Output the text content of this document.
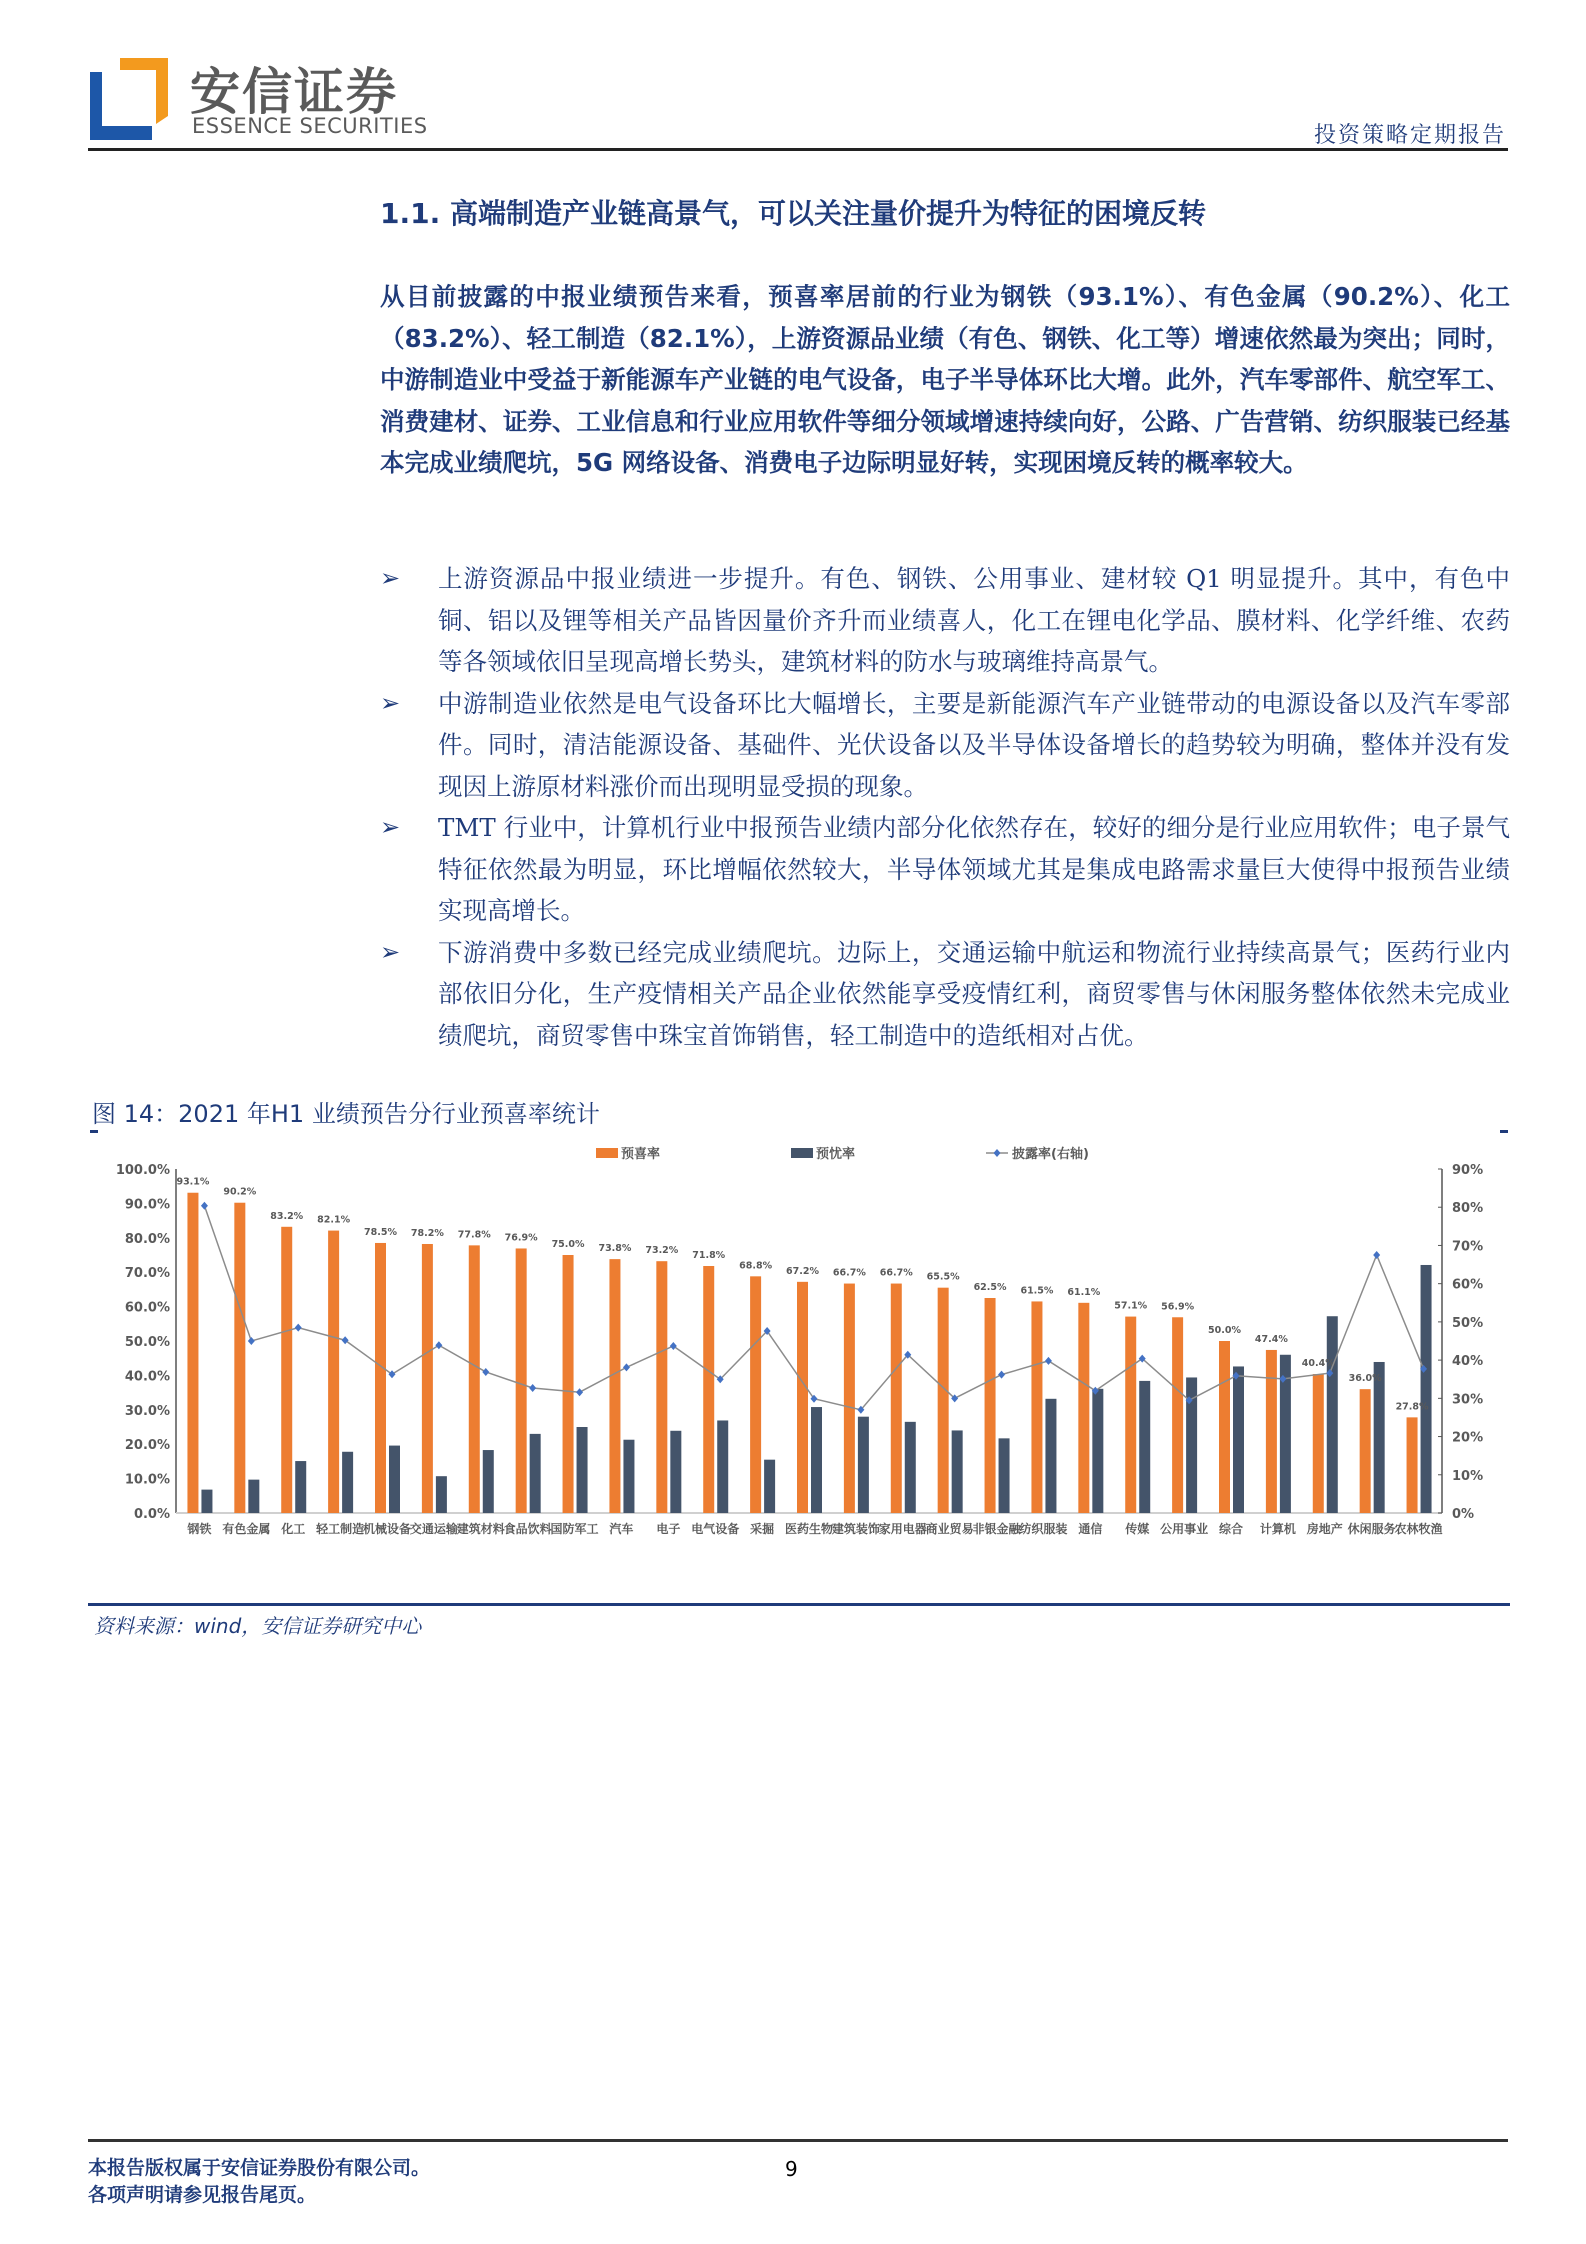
安信证券
ESSENCE SECURITIES	投资策略定期报告
1.1. 高端制造产业链高景气，可以关注量价提升为特征的困境反转
从目前披露的中报业绩预告来看，预喜率居前的行业为钢铁（93.1%）、有色金属（90.2%）、化工（83.2%）、轻工制造（82.1%），上游资源品业绩（有色、钢铁、化工等）增速依然最为突出；同时，中游制造业中受益于新能源车产业链的电气设备，电子半导体环比大增。此外，汽车零部件、航空军工、消费建材、证券、工业信息和行业应用软件等细分领域增速持续向好，公路、广告营销、纺织服装已经基本完成业绩爬坑，5G 网络设备、消费电子边际明显好转，实现困境反转的概率较大。
➢ 上游资源品中报业绩进一步提升。有色、钢铁、公用事业、建材较 Q1 明显提升。其中，有色中铜、铝以及锂等相关产品皆因量价齐升而业绩喜人，化工在锂电化学品、膜材料、化学纤维、农药等各领域依旧呈现高增长势头，建筑材料的防水与玻璃维持高景气。
➢ 中游制造业依然是电气设备环比大幅增长，主要是新能源汽车产业链带动的电源设备以及汽车零部件。同时，清洁能源设备、基础件、光伏设备以及半导体设备增长的趋势较为明确，整体并没有发现因上游原材料涨价而出现明显受损的现象。
➢ TMT 行业中，计算机行业中报预告业绩内部分化依然存在，较好的细分是行业应用软件；电子景气特征依然最为明显，环比增幅依然较大，半导体领域尤其是集成电路需求量巨大使得中报预告业绩实现高增长。
➢ 下游消费中多数已经完成业绩爬坑。边际上，交通运输中航运和物流行业持续高景气；医药行业内部依旧分化，生产疫情相关产品企业依然能享受疫情红利，商贸零售与休闲服务整体依然未完成业绩爬坑，商贸零售中珠宝首饰销售，轻工制造中的造纸相对占优。
图 14：2021 年H1 业绩预告分行业预喜率统计
0.0%
10.0%
20.0%
30.0%
40.0%
50.0%
60.0%
70.0%
80.0%
90.0%
100.0%
0%
10%
20%
30%
40%
50%
60%
70%
80%
90%
93.1%
钢铁
90.2%
有色金属
83.2%
化工
82.1%
轻工制造
78.5%
机械设备
78.2%
交通运输
77.8%
建筑材料
76.9%
食品饮料
75.0%
国防军工
73.8%
汽车
73.2%
电子
71.8%
电气设备
68.8%
采掘
67.2%
医药生物
66.7%
建筑装饰
66.7%
家用电器
65.5%
商业贸易
62.5%
非银金融
61.5%
纺织服装
61.1%
通信
57.1%
传媒
56.9%
公用事业
50.0%
综合
47.4%
计算机
40.4%
房地产
36.0%
休闲服务
27.8%
农林牧渔
预喜率	预忧率	披露率(右轴)
资料来源：wind，安信证券研究中心
本报告版权属于安信证券股份有限公司。
各项声明请参见报告尾页。
9
